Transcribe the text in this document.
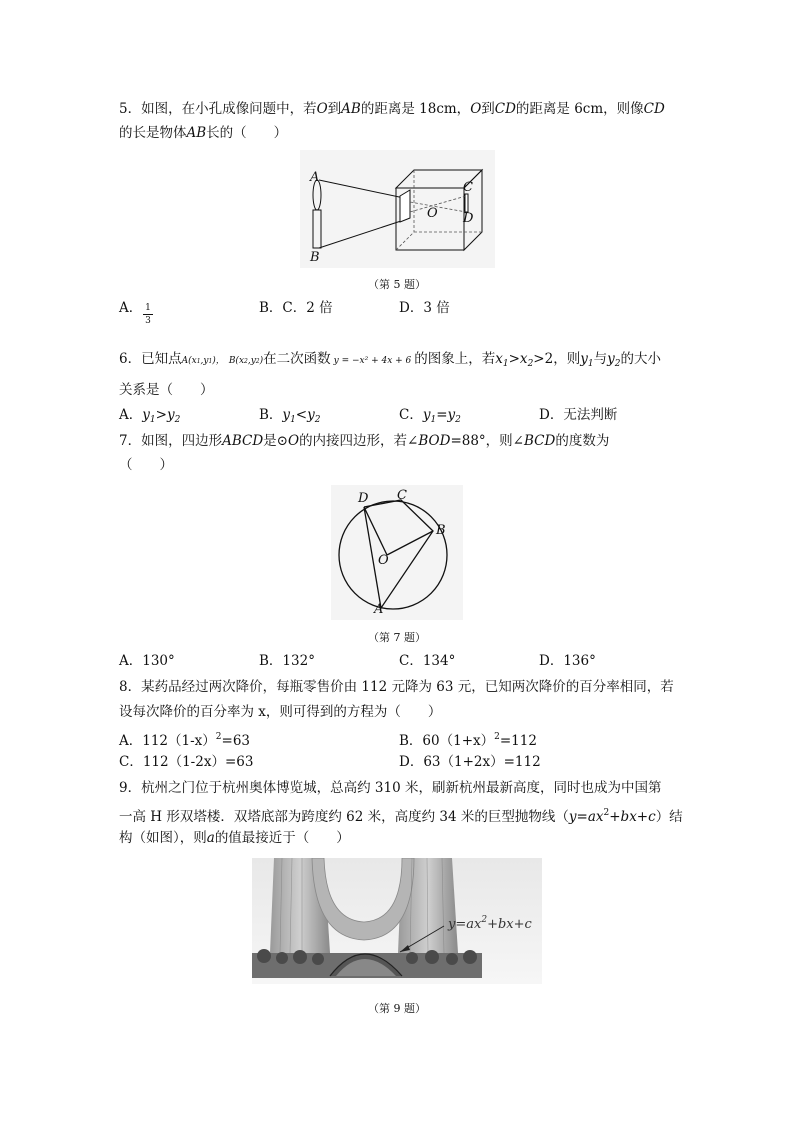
5．如图，在小孔成像问题中，若O到AB的距离是 18cm，O到CD的距离是 6cm，则像CD
的长是物体AB长的（　　）
A
B
C
D
O
（第 5 题）
A． 1
3
B．C．2 倍	D．3 倍
6．已知点A(x1,y1)， B(x2,y2)在二次函数 y = −x² + 4x + 6 的图象上，若$x_1>x_2>2$，则$y_1$与$y_2$的大小
关系是（　　）
A．$y_1>y_2$	B．$y_1<y_2$	C．$y_1=y_2$	D．无法判断
7．如图，四边形ABCD是⊙O的内接四边形，若∠BOD=88°，则∠BCD的度数为
（　　）
D C
B
O
A
（第 7 题）
A．130°	B．132°	C．134°	D．136°
8．某药品经过两次降价，每瓶零售价由 112 元降为 63 元，已知两次降价的百分率相同，若
设每次降价的百分率为 x，则可得到的方程为（　　）
A．$112(1-x)^2=63$	B．$60(1+x)^2=112$
C．112（1-2x）=63	D．63（1+2x）=112
9．杭州之门位于杭州奥体博览城，总高约 310 米，刷新杭州最新高度，同时也成为中国第
一高 H 形双塔楼．双塔底部为跨度约 62 米，高度约 34 米的巨型抛物线$(y=ax^2+bx+c)$结
构（如图），则a的值最接近于（　　）
$y=ax^2+bx+c$
（第 9 题）
